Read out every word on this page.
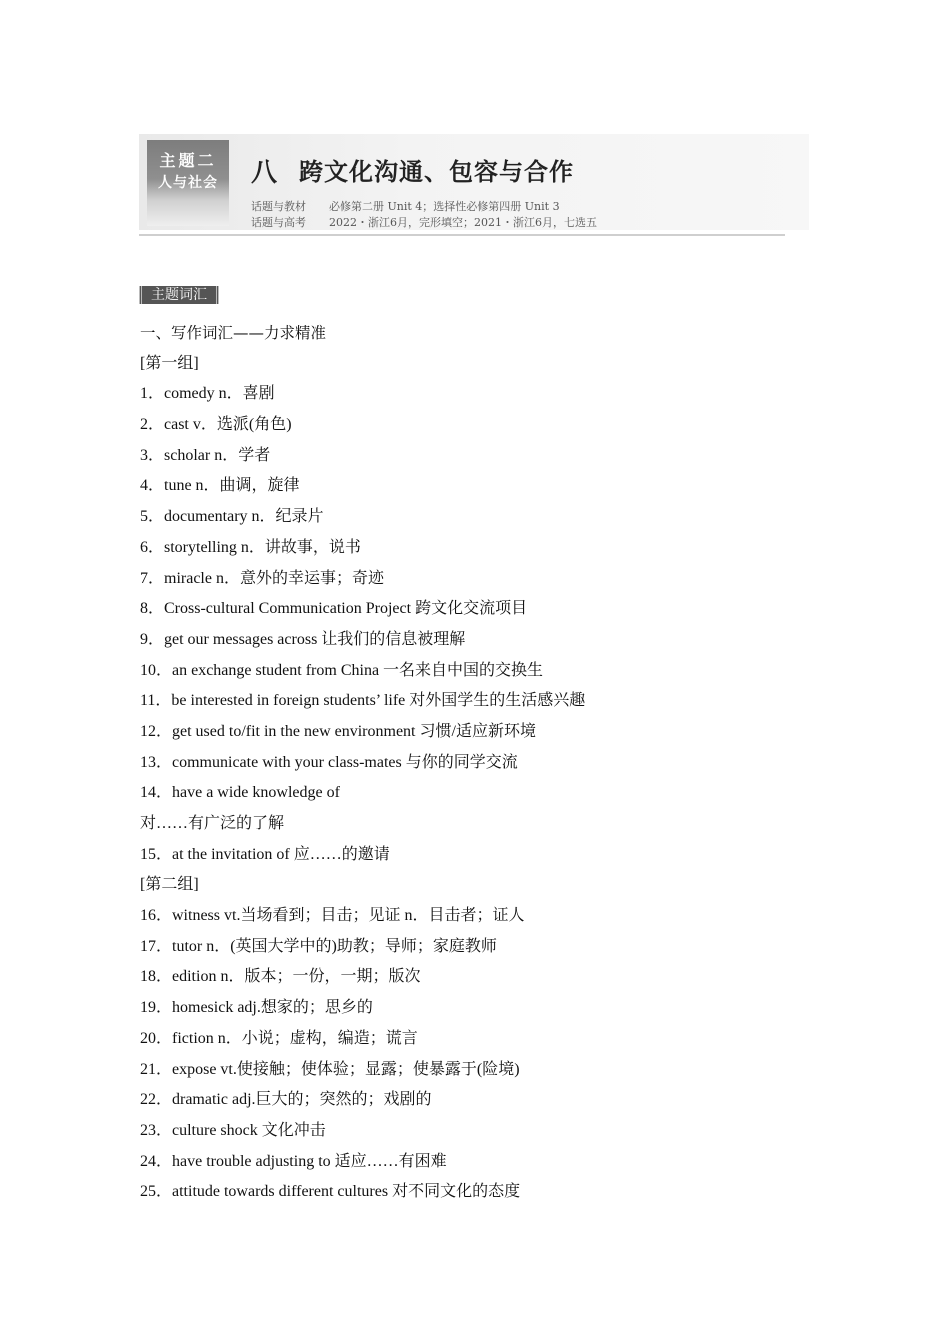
主题二
人与社会	八 跨文化沟通、包容与合作
话题与教材 必修第二册 Unit 4；选择性必修第四册 Unit 3
话题与高考 2022・浙江6月，完形填空；2021・浙江6月，七选五
主题词汇
一、写作词汇——力求精准
[第一组]
1．comedy n．喜剧
2．cast v．选派(角色)
3．scholar n．学者
4．tune n．曲调，旋律
5．documentary n．纪录片
6．storytelling n．讲故事，说书
7．miracle n．意外的幸运事；奇迹
8．Cross-cultural Communication Project 跨文化交流项目
9．get our messages across 让我们的信息被理解
10．an exchange student from China 一名来自中国的交换生
11．be interested in foreign students’ life 对外国学生的生活感兴趣
12．get used to/fit in the new environment 习惯/适应新环境
13．communicate with your class-mates 与你的同学交流
14．have a wide knowledge of
对……有广泛的了解
15．at the invitation of 应……的邀请
[第二组]
16．witness vt.当场看到；目击；见证 n．目击者；证人
17．tutor n．(英国大学中的)助教；导师；家庭教师
18．edition n．版本；一份，一期；版次
19．homesick adj.想家的；思乡的
20．fiction n．小说；虚构，编造；谎言
21．expose vt.使接触；使体验；显露；使暴露于(险境)
22．dramatic adj.巨大的；突然的；戏剧的
23．culture shock 文化冲击
24．have trouble adjusting to 适应……有困难
25．attitude towards different cultures 对不同文化的态度
